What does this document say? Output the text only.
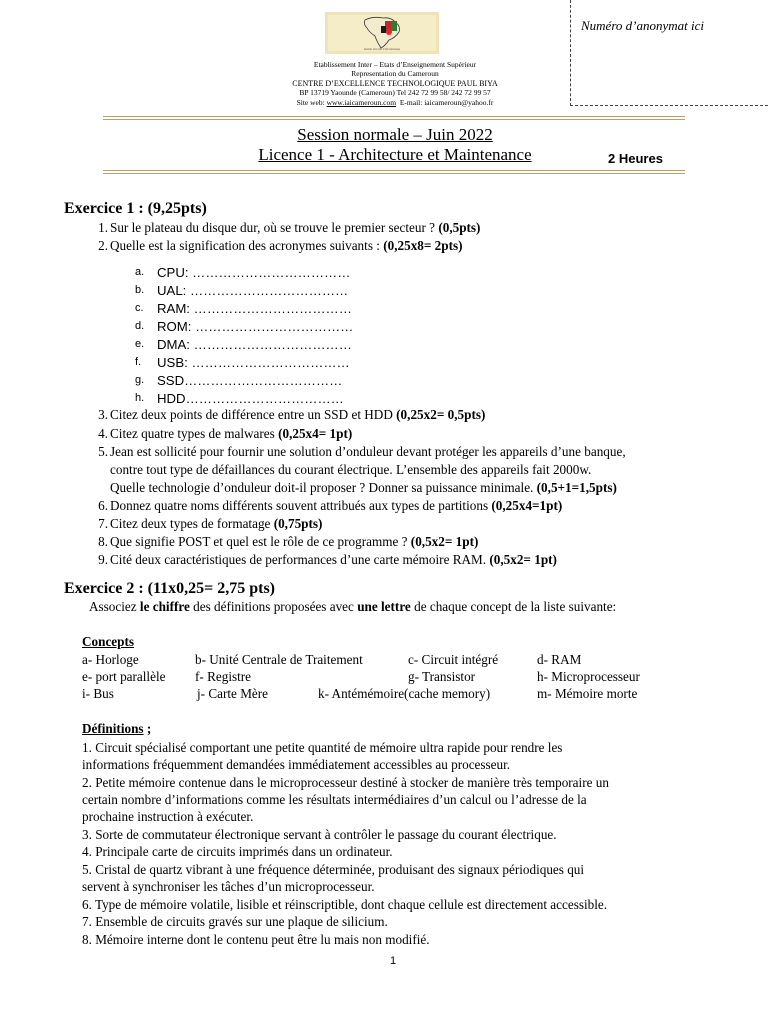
institut africain d'informatique
Etablissement Inter – Etats d’Enseignement Supérieur
Representation du Cameroun
CENTRE D’EXCELLENCE TECHNOLOGIQUE PAUL BIYA
BP 13719 Yaounde (Cameroun) Tel 242 72 99 58/ 242 72 99 57
Site web: www.iaicameroun.com E-mail: iaicameroun@yahoo.fr
Numéro d’anonymat ici
Session normale – Juin 2022
Licence 1 - Architecture et Maintenance	2 Heures
Exercice 1 : (9,25pts)
1. Sur le plateau du disque dur, où se trouve le premier secteur ? (0,5pts)
2. Quelle est la signification des acronymes suivants : (0,25x8= 2pts)
a. CPU: ………………………………
b. UAL: ………………………………
c. RAM: ………………………………
d. ROM: ………………………………
e. DMA: ………………………………
f. USB: ………………………………
g. SSD………………………………
h. HDD………………………………
3. Citez deux points de différence entre un SSD et HDD (0,25x2= 0,5pts)
4. Citez quatre types de malwares (0,25x4= 1pt)
5. Jean est sollicité pour fournir une solution d’onduleur devant protéger les appareils d’une banque,
contre tout type de défaillances du courant électrique. L’ensemble des appareils fait 2000w.
Quelle technologie d’onduleur doit-il proposer ? Donner sa puissance minimale. (0,5+1=1,5pts)
6. Donnez quatre noms différents souvent attribués aux types de partitions (0,25x4=1pt)
7. Citez deux types de formatage (0,75pts)
8. Que signifie POST et quel est le rôle de ce programme ? (0,5x2= 1pt)
9. Cité deux caractéristiques de performances d’une carte mémoire RAM. (0,5x2= 1pt)
Exercice 2 : (11x0,25= 2,75 pts)
Associez le chiffre des définitions proposées avec une lettre de chaque concept de la liste suivante:
Concepts
a- Horloge	b- Unité Centrale de Traitement	c- Circuit intégré	d- RAM
e- port parallèle f- Registre	g- Transistor	h- Microprocesseur
i- Bus	j- Carte Mère	k- Antémémoire(cache memory)	m- Mémoire morte
Définitions ;
1. Circuit spécialisé comportant une petite quantité de mémoire ultra rapide pour rendre les
informations fréquemment demandées immédiatement accessibles au processeur.
2. Petite mémoire contenue dans le microprocesseur destiné à stocker de manière très temporaire un
certain nombre d’informations comme les résultats intermédiaires d’un calcul ou l’adresse de la
prochaine instruction à exécuter.
3. Sorte de commutateur électronique servant à contrôler le passage du courant électrique.
4. Principale carte de circuits imprimés dans un ordinateur.
5. Cristal de quartz vibrant à une fréquence déterminée, produisant des signaux périodiques qui
servent à synchroniser les tâches d’un microprocesseur.
6. Type de mémoire volatile, lisible et réinscriptible, dont chaque cellule est directement accessible.
7. Ensemble de circuits gravés sur une plaque de silicium.
8. Mémoire interne dont le contenu peut être lu mais non modifié.
1
